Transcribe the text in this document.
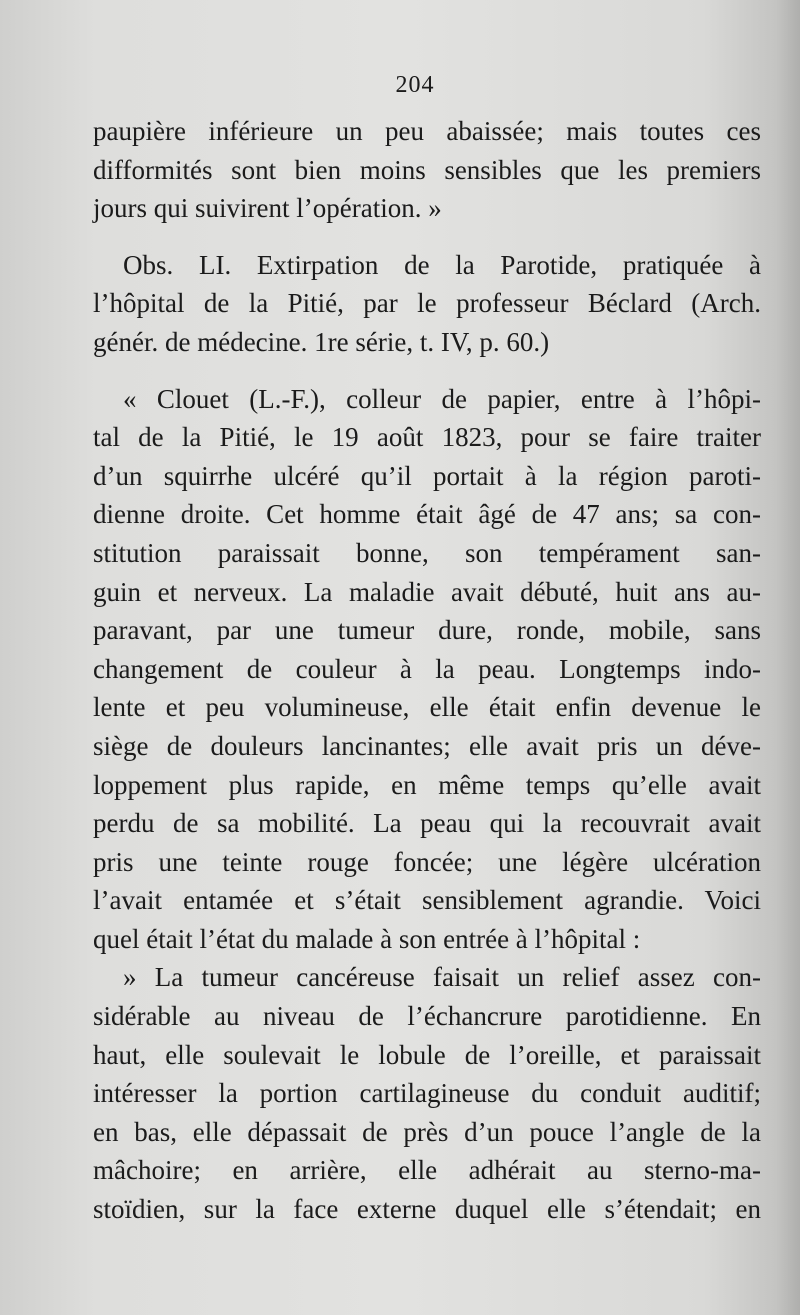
204
paupière inférieure un peu abaissée; mais toutes ces
difformités sont bien moins sensibles que les premiers
jours qui suivirent l’opération. »
Obs. LI. Extirpation de la Parotide, pratiquée à
l’hôpital de la Pitié, par le professeur Béclard (Arch.
génér. de médecine. 1re série, t. IV, p. 60.)
« Clouet (L.-F.), colleur de papier, entre à l’hôpi-
tal de la Pitié, le 19 août 1823, pour se faire traiter
d’un squirrhe ulcéré qu’il portait à la région paroti-
dienne droite. Cet homme était âgé de 47 ans; sa con-
stitution paraissait bonne, son tempérament san-
guin et nerveux. La maladie avait débuté, huit ans au-
paravant, par une tumeur dure, ronde, mobile, sans
changement de couleur à la peau. Longtemps indo-
lente et peu volumineuse, elle était enfin devenue le
siège de douleurs lancinantes; elle avait pris un déve-
loppement plus rapide, en même temps qu’elle avait
perdu de sa mobilité. La peau qui la recouvrait avait
pris une teinte rouge foncée; une légère ulcération
l’avait entamée et s’était sensiblement agrandie. Voici
quel était l’état du malade à son entrée à l’hôpital :
» La tumeur cancéreuse faisait un relief assez con-
sidérable au niveau de l’échancrure parotidienne. En
haut, elle soulevait le lobule de l’oreille, et paraissait
intéresser la portion cartilagineuse du conduit auditif;
en bas, elle dépassait de près d’un pouce l’angle de la
mâchoire; en arrière, elle adhérait au sterno-ma-
stoïdien, sur la face externe duquel elle s’étendait; en
